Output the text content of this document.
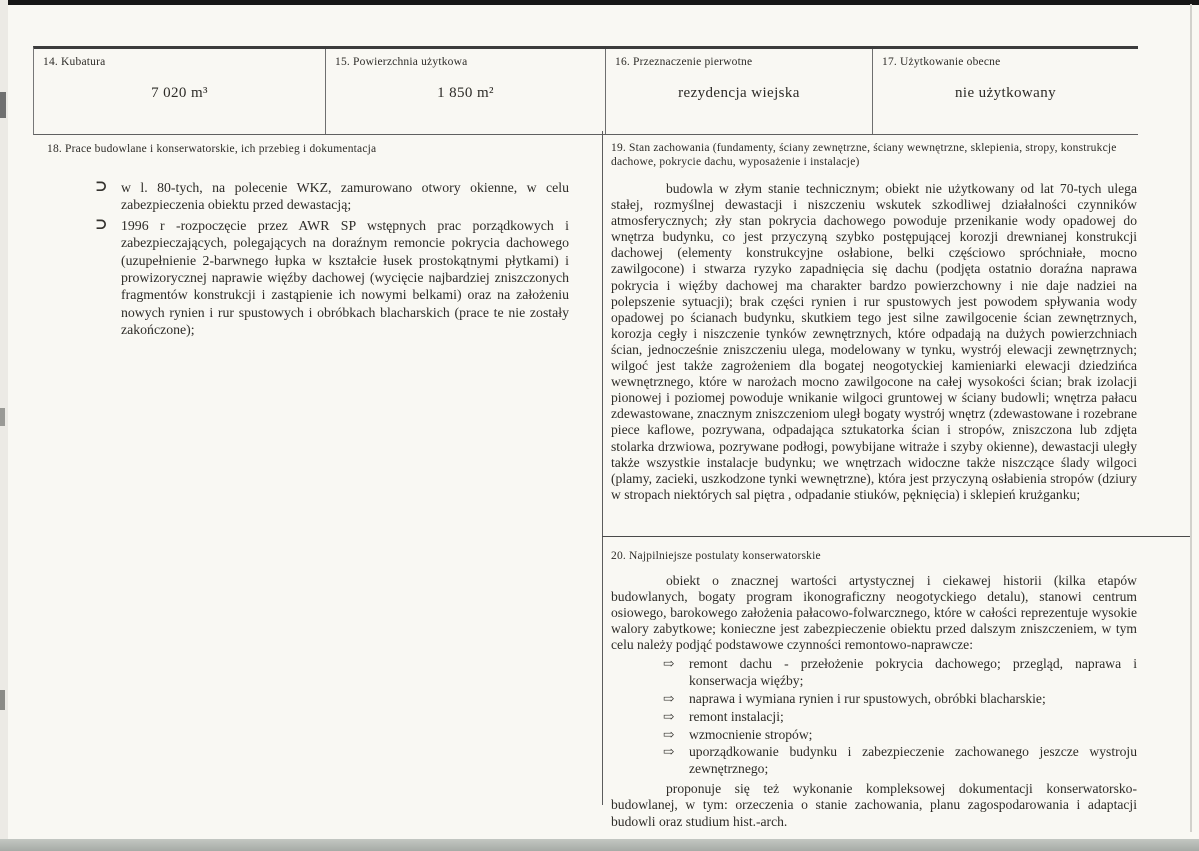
14. Kubatura
7 020 m³
15. Powierzchnia użytkowa
1 850 m²
16. Przeznaczenie pierwotne
rezydencja wiejska
17. Użytkowanie obecne
nie użytkowany
18. Prace budowlane i konserwatorskie, ich przebieg i dokumentacja
⊃ w l. 80-tych, na polecenie WKZ, zamurowano otwory okienne, w celu zabezpieczenia obiektu przed dewastacją;
⊃ 1996 r -rozpoczęcie przez AWR SP wstępnych prac porządkowych i zabezpieczających, polegających na doraźnym remoncie pokrycia dachowego (uzupełnienie 2-barwnego łupka w kształcie łusek prostokątnymi płytkami) i prowizorycznej naprawie więźby dachowej (wycięcie najbardziej zniszczonych fragmentów konstrukcji i zastąpienie ich nowymi belkami) oraz na założeniu nowych rynien i rur spustowych i obróbkach blacharskich (prace te nie zostały zakończone);
19. Stan zachowania (fundamenty, ściany zewnętrzne, ściany wewnętrzne, sklepienia, stropy, konstrukcje dachowe, pokrycie dachu, wyposażenie i instalacje)
budowla w złym stanie technicznym; obiekt nie użytkowany od lat 70-tych ulega stałej, rozmyślnej dewastacji i niszczeniu wskutek szkodliwej działalności czynników atmosferycznych; zły stan pokrycia dachowego powoduje przenikanie wody opadowej do wnętrza budynku, co jest przyczyną szybko postępującej korozji drewnianej konstrukcji dachowej (elementy konstrukcyjne osłabione, belki częściowo spróchniałe, mocno zawilgocone) i stwarza ryzyko zapadnięcia się dachu (podjęta ostatnio doraźna naprawa pokrycia i więźby dachowej ma charakter bardzo powierzchowny i nie daje nadziei na polepszenie sytuacji); brak części rynien i rur spustowych jest powodem spływania wody opadowej po ścianach budynku, skutkiem tego jest silne zawilgocenie ścian zewnętrznych, korozja cegły i niszczenie tynków zewnętrznych, które odpadają na dużych powierzchniach ścian, jednocześnie zniszczeniu ulega, modelowany w tynku, wystrój elewacji zewnętrznych; wilgoć jest także zagrożeniem dla bogatej neogotyckiej kamieniarki elewacji dziedzińca wewnętrznego, które w narożach mocno zawilgocone na całej wysokości ścian; brak izolacji pionowej i poziomej powoduje wnikanie wilgoci gruntowej w ściany budowli; wnętrza pałacu zdewastowane, znacznym zniszczeniom uległ bogaty wystrój wnętrz (zdewastowane i rozebrane piece kaflowe, pozrywana, odpadająca sztukatorka ścian i stropów, zniszczona lub zdjęta stolarka drzwiowa, pozrywane podłogi, powybijane witraże i szyby okienne), dewastacji uległy także wszystkie instalacje budynku; we wnętrzach widoczne także niszczące ślady wilgoci (plamy, zacieki, uszkodzone tynki wewnętrzne), która jest przyczyną osłabienia stropów (dziury w stropach niektórych sal piętra , odpadanie stiuków, pęknięcia) i sklepień krużganku;
20. Najpilniejsze postulaty konserwatorskie
obiekt o znacznej wartości artystycznej i ciekawej historii (kilka etapów budowlanych, bogaty program ikonograficzny neogotyckiego detalu), stanowi centrum osiowego, barokowego założenia pałacowo-folwarcznego, które w całości reprezentuje wysokie walory zabytkowe; konieczne jest zabezpieczenie obiektu przed dalszym zniszczeniem, w tym celu należy podjąć podstawowe czynności remontowo-naprawcze:
⇨	remont dachu - przełożenie pokrycia dachowego; przegląd, naprawa i konserwacja więźby;
⇨	naprawa i wymiana rynien i rur spustowych, obróbki blacharskie;
⇨	remont instalacji;
⇨	wzmocnienie stropów;
⇨	uporządkowanie budynku i zabezpieczenie zachowanego jeszcze wystroju zewnętrznego;
proponuje się też wykonanie kompleksowej dokumentacji konserwatorsko-budowlanej, w tym: orzeczenia o stanie zachowania, planu zagospodarowania i adaptacji budowli oraz studium hist.-arch.
